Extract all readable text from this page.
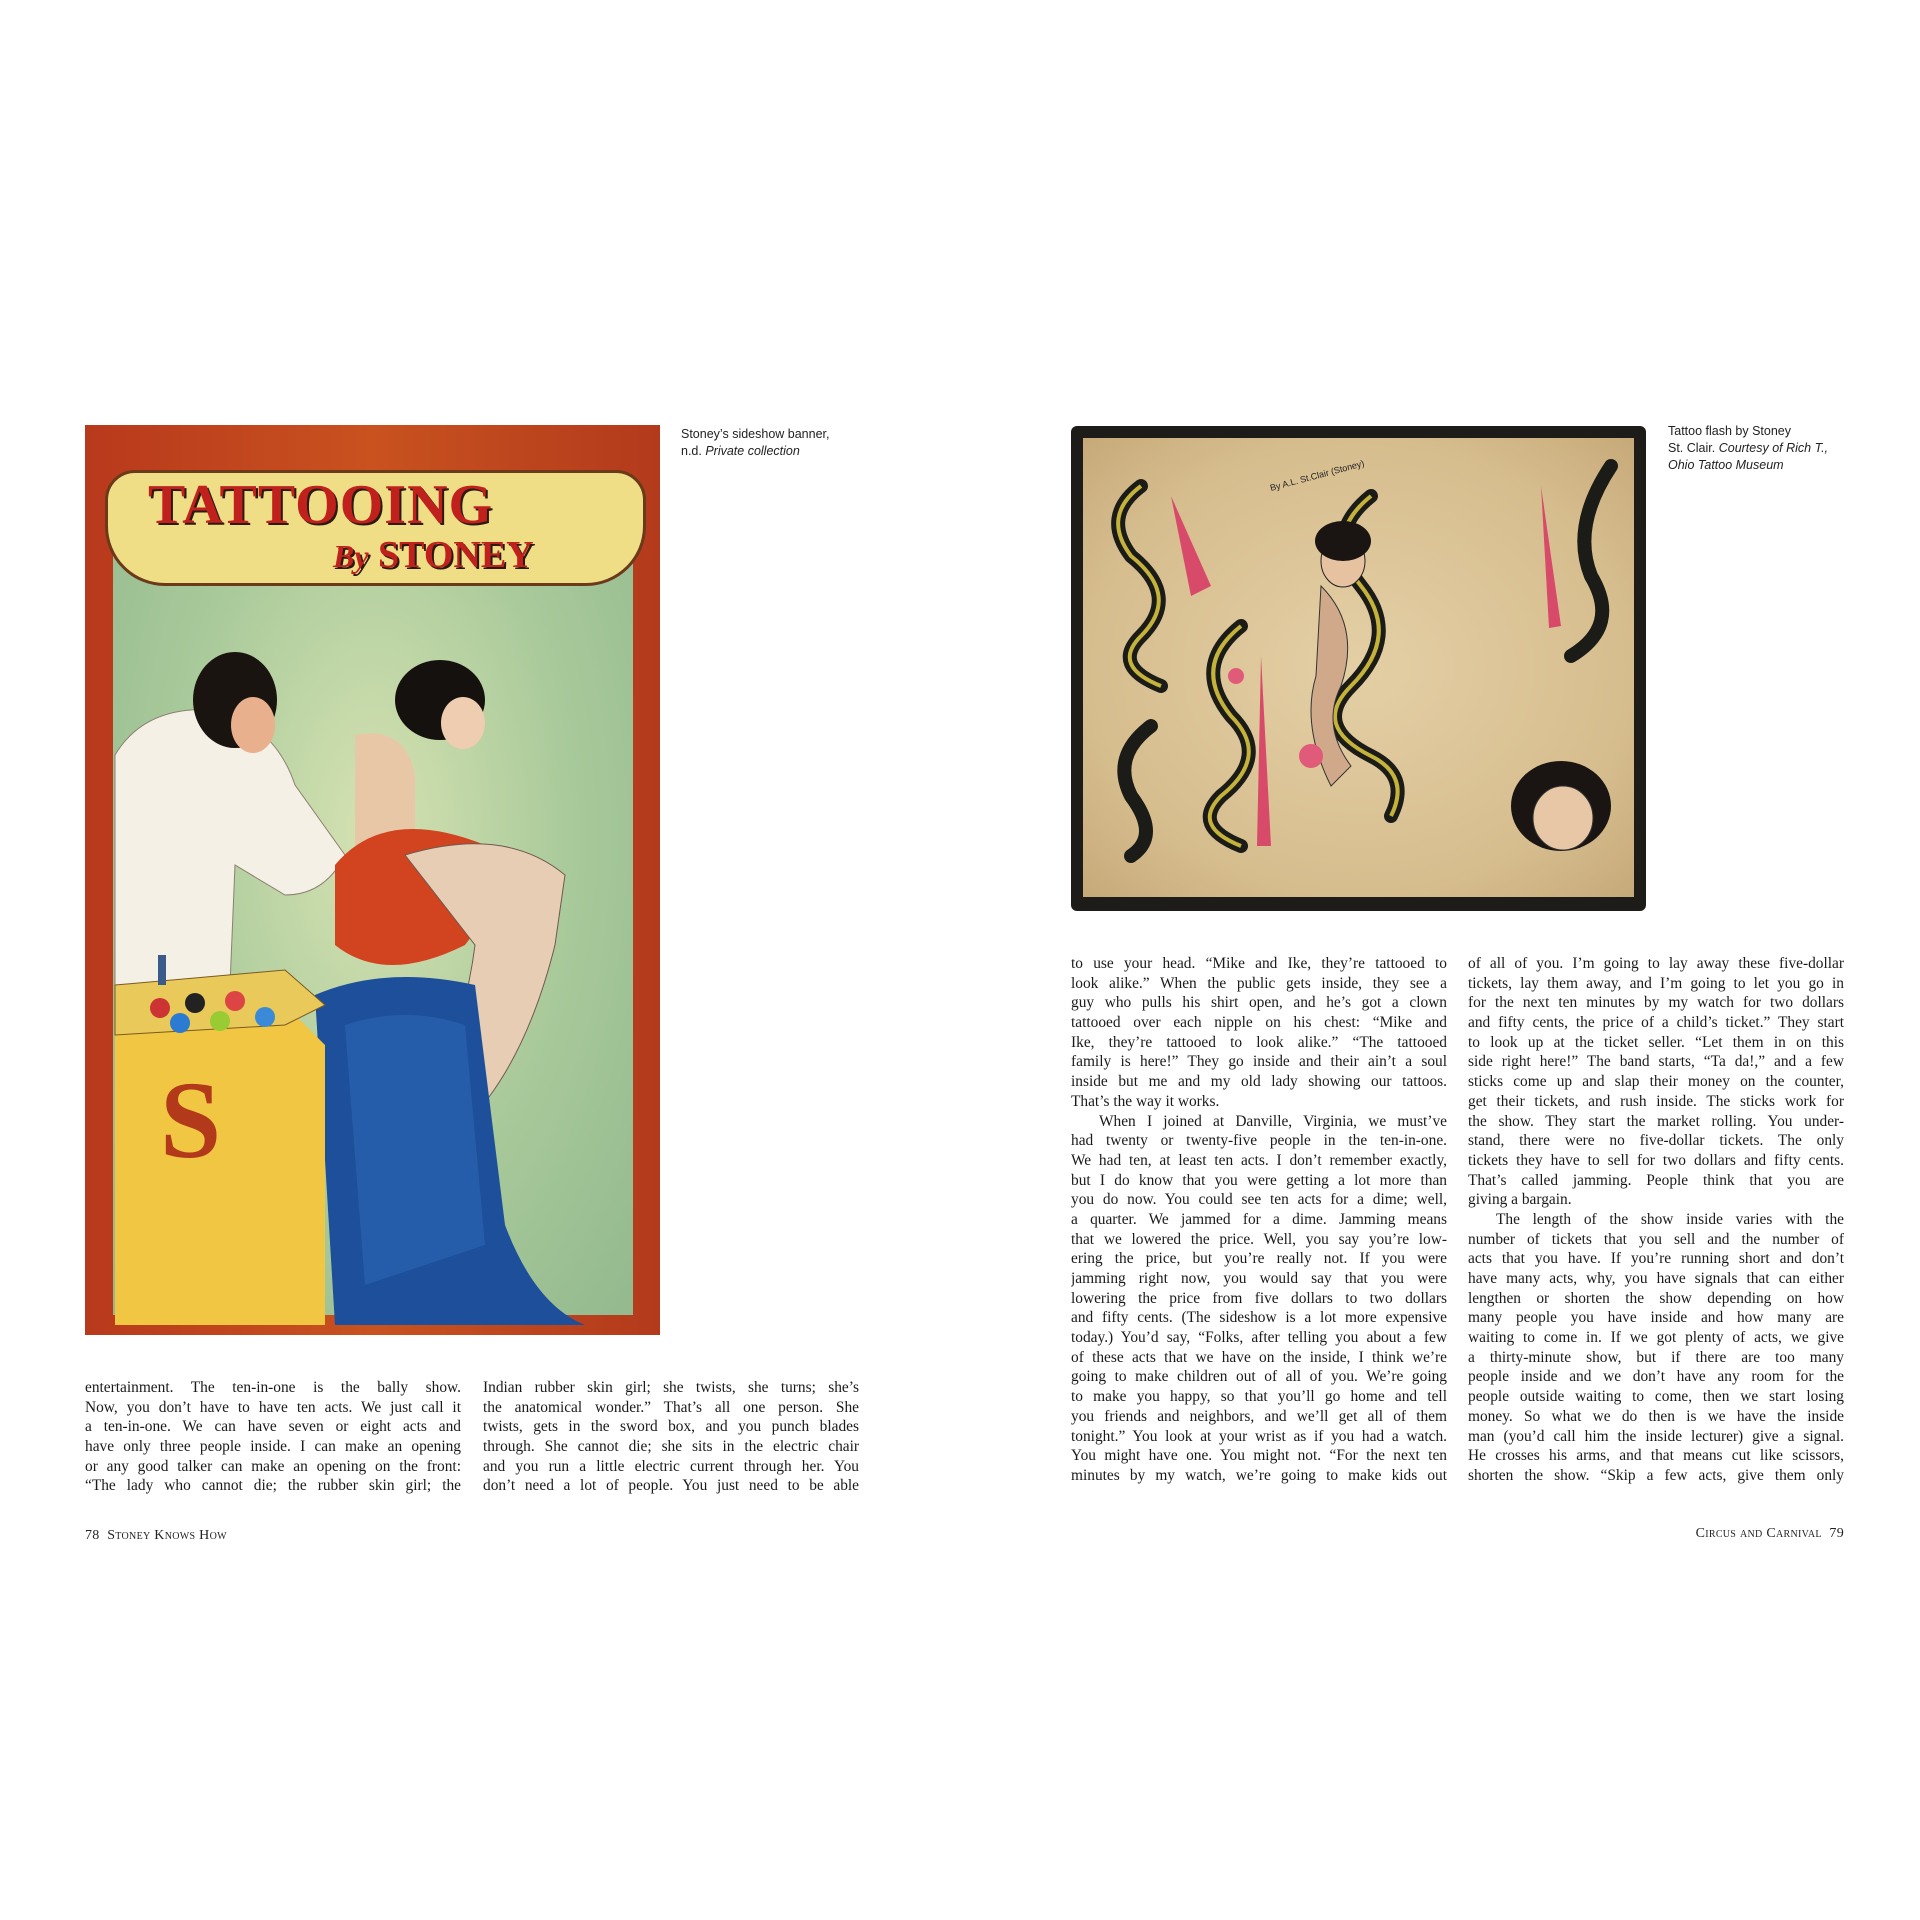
TATTOOING
By STONEY
S
Stoney’s sideshow banner,
n.d. Private collection
entertainment. The ten-in-one is the bally show.
Now, you don’t have to have ten acts. We just call it
a ten-in-one. We can have seven or eight acts and
have only three people inside. I can make an opening
or any good talker can make an opening on the front:
“The lady who cannot die; the rubber skin girl; the
Indian rubber skin girl; she twists, she turns; she’s
the anatomical wonder.” That’s all one person. She
twists, gets in the sword box, and you punch blades
through. She cannot die; she sits in the electric chair
and you run a little electric current through her. You
don’t need a lot of people. You just need to be able
78 Stoney Knows How
By A.L. St.Clair (Stoney)
Tattoo flash by Stoney
St. Clair. Courtesy of Rich T.,
Ohio Tattoo Museum
to use your head. “Mike and Ike, they’re tattooed to
look alike.” When the public gets inside, they see a
guy who pulls his shirt open, and he’s got a clown
tattooed over each nipple on his chest: “Mike and
Ike, they’re tattooed to look alike.” “The tattooed
family is here!” They go inside and their ain’t a soul
inside but me and my old lady showing our tattoos.
That’s the way it works.
When I joined at Danville, Virginia, we must’ve
had twenty or twenty-five people in the ten-in-one.
We had ten, at least ten acts. I don’t remember exactly,
but I do know that you were getting a lot more than
you do now. You could see ten acts for a dime; well,
a quarter. We jammed for a dime. Jamming means
that we lowered the price. Well, you say you’re low-
ering the price, but you’re really not. If you were
jamming right now, you would say that you were
lowering the price from five dollars to two dollars
and fifty cents. (The sideshow is a lot more expensive
today.) You’d say, “Folks, after telling you about a few
of these acts that we have on the inside, I think we’re
going to make children out of all of you. We’re going
to make you happy, so that you’ll go home and tell
you friends and neighbors, and we’ll get all of them
tonight.” You look at your wrist as if you had a watch.
You might have one. You might not. “For the next ten
minutes by my watch, we’re going to make kids out
of all of you. I’m going to lay away these five-dollar
tickets, lay them away, and I’m going to let you go in
for the next ten minutes by my watch for two dollars
and fifty cents, the price of a child’s ticket.” They start
to look up at the ticket seller. “Let them in on this
side right here!” The band starts, “Ta da!,” and a few
sticks come up and slap their money on the counter,
get their tickets, and rush inside. The sticks work for
the show. They start the market rolling. You under-
stand, there were no five-dollar tickets. The only
tickets they have to sell for two dollars and fifty cents.
That’s called jamming. People think that you are
giving a bargain.
The length of the show inside varies with the
number of tickets that you sell and the number of
acts that you have. If you’re running short and don’t
have many acts, why, you have signals that can either
lengthen or shorten the show depending on how
many people you have inside and how many are
waiting to come in. If we got plenty of acts, we give
a thirty-minute show, but if there are too many
people inside and we don’t have any room for the
people outside waiting to come, then we start losing
money. So what we do then is we have the inside
man (you’d call him the inside lecturer) give a signal.
He crosses his arms, and that means cut like scissors,
shorten the show. “Skip a few acts, give them only
Circus and Carnival 79
